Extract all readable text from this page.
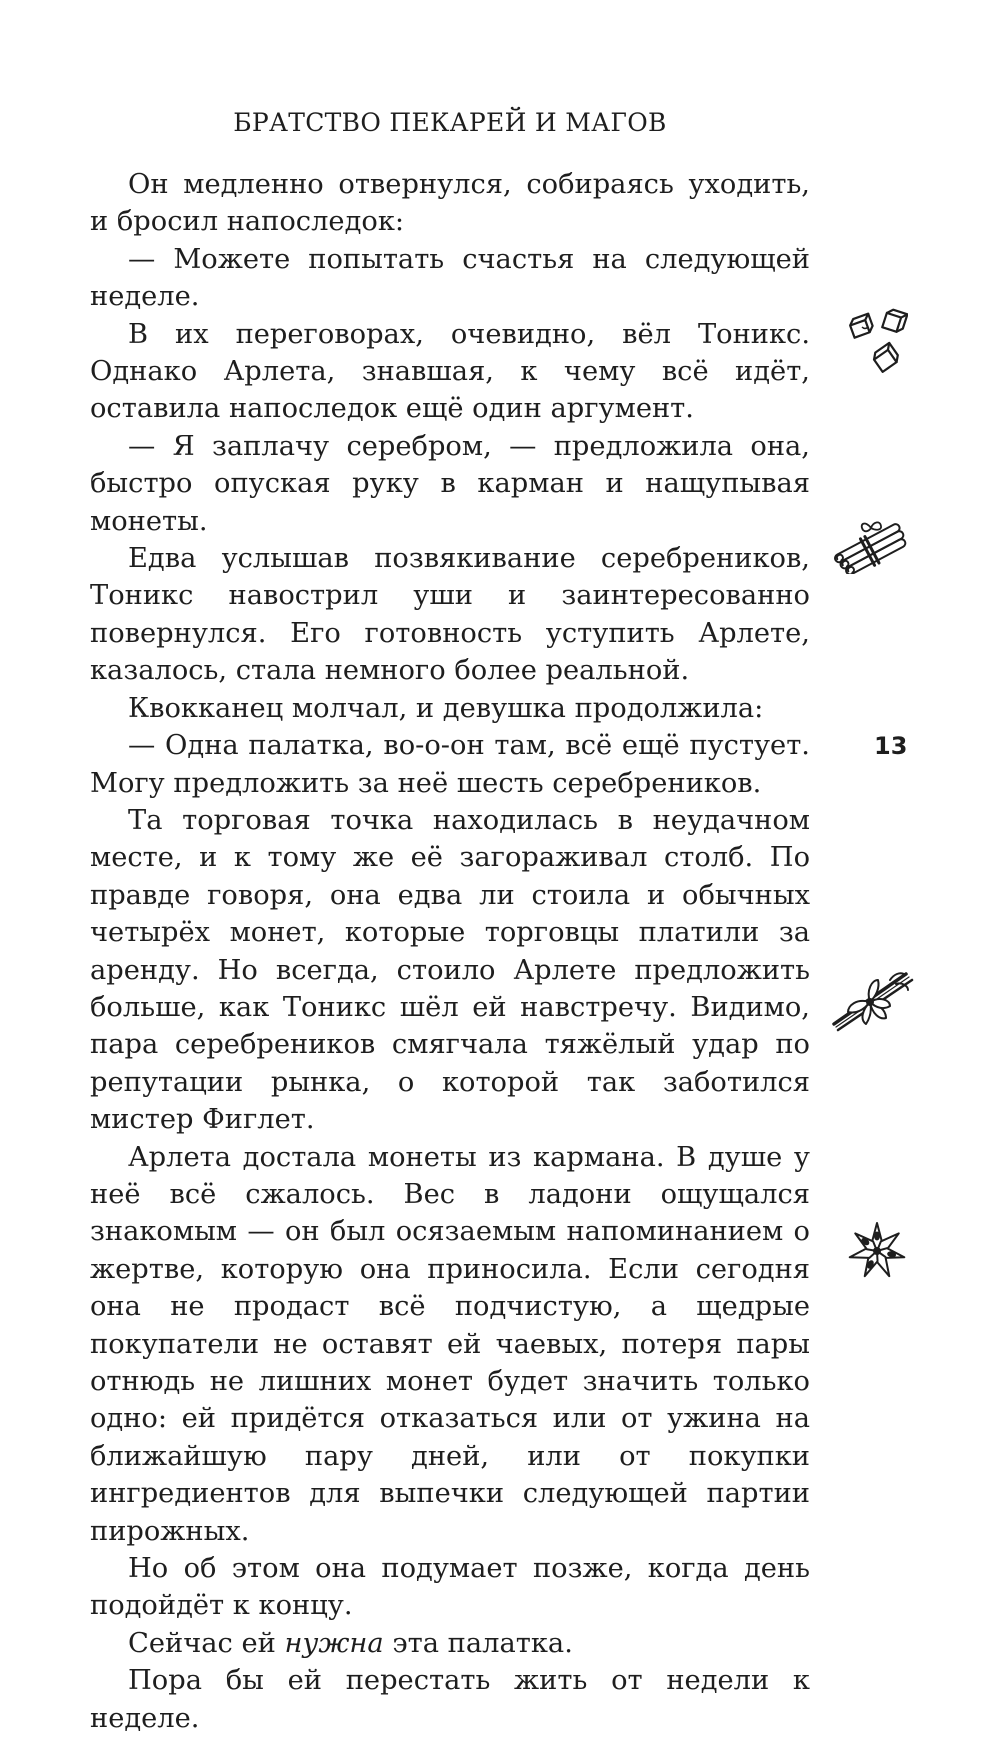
БРАТСТВО ПЕКАРЕЙ И МАГОВ

Он медленно отвернулся, собираясь уходить, и бросил напоследок:

— Можете попытать счастья на следующей неделе.

В их переговорах, очевидно, вёл Тоникс. Однако Арлета, знавшая, к чему всё идёт, оставила напоследок ещё один аргумент.

— Я заплачу серебром, — предложила она, быстро опуская руку в карман и нащупывая монеты.

Едва услышав позвякивание серебреников, Тоникс навострил уши и заинтересованно повернулся. Его готовность уступить Арлете, казалось, стала немного более реальной.

Квокканец молчал, и девушка продолжила:

— Одна палатка, во-о-он там, всё ещё пустует. Могу предложить за неё шесть серебреников.

Та торговая точка находилась в неудачном месте, и к тому же её загораживал столб. По правде говоря, она едва ли стоила и обычных четырёх монет, которые торговцы платили за аренду. Но всегда, стоило Арлете предложить больше, как Тоникс шёл ей навстречу. Видимо, пара серебреников смягчала тяжёлый удар по репутации рынка, о которой так заботился мистер Фиглет.

Арлета достала монеты из кармана. В душе у неё всё сжалось. Вес в ладони ощущался знакомым — он был осязаемым напоминанием о жертве, которую она приносила. Если сегодня она не продаст всё подчистую, а щедрые покупатели не оставят ей чаевых, потеря пары отнюдь не лишних монет будет значить только одно: ей придётся отказаться или от ужина на ближайшую пару дней, или от покупки ингредиентов для выпечки следующей партии пирожных.

Но об этом она подумает позже, когда день подойдёт к концу.

Сейчас ей нужна эта палатка.

Пора бы ей перестать жить от недели к неделе.

13
